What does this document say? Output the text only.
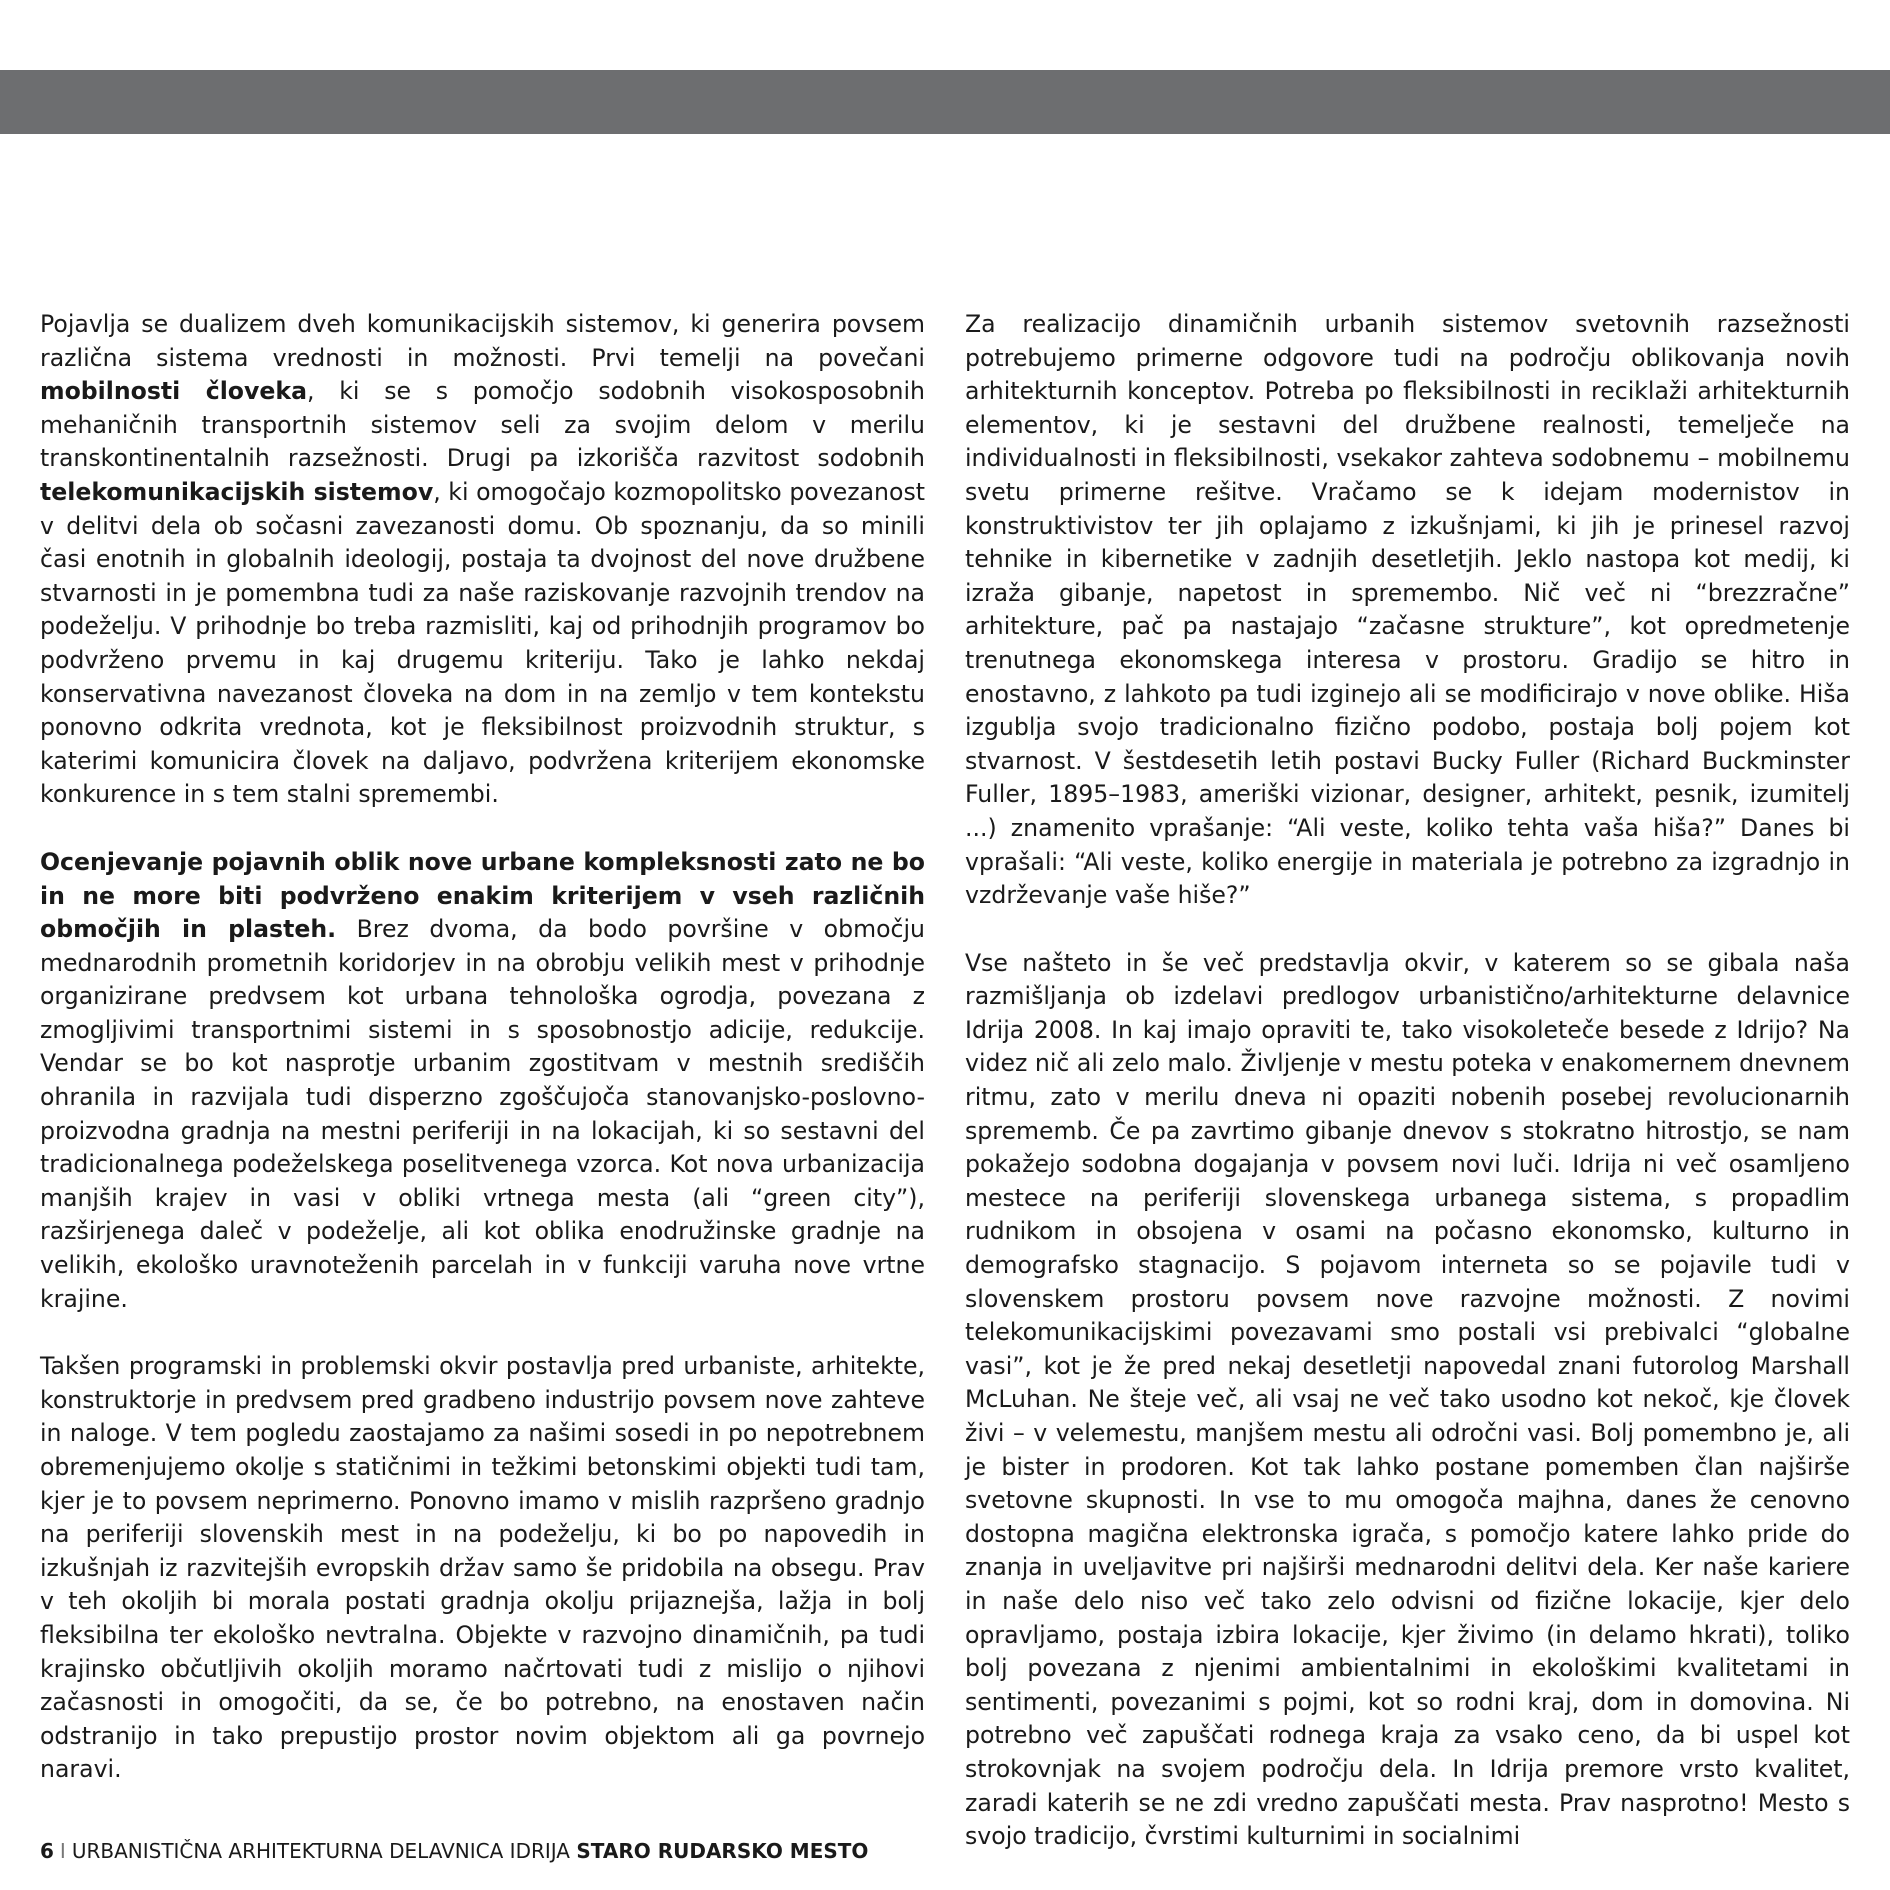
Pojavlja se dualizem dveh komunikacijskih sistemov, ki generira povsem različna sistema vrednosti in možnosti. Prvi temelji na povečani mobilnosti človeka, ki se s pomočjo sodobnih visokosposobnih mehaničnih transportnih sistemov seli za svojim delom v merilu transkontinentalnih razsežnosti. Drugi pa izkorišča razvitost sodobnih telekomunikacijskih sistemov, ki omogočajo kozmopolitsko povezanost v delitvi dela ob sočasni zavezanosti domu. Ob spoznanju, da so minili časi enotnih in globalnih ideologij, postaja ta dvojnost del nove družbene stvarnosti in je pomembna tudi za naše raziskovanje razvojnih trendov na podeželju. V prihodnje bo treba razmisliti, kaj od prihodnjih programov bo podvrženo prvemu in kaj drugemu kriteriju. Tako je lahko nekdaj konservativna navezanost človeka na dom in na zemljo v tem kontekstu ponovno odkrita vrednota, kot je fleksibilnost proizvodnih struktur, s katerimi komunicira človek na daljavo, podvržena kriterijem ekonomske konkurence in s tem stalni spremembi.

Ocenjevanje pojavnih oblik nove urbane kompleksnosti zato ne bo in ne more biti podvrženo enakim kriterijem v vseh različnih območjih in plasteh. Brez dvoma, da bodo površine v območju mednarodnih prometnih koridorjev in na obrobju velikih mest v prihodnje organizirane predvsem kot urbana tehnološka ogrodja, povezana z zmogljivimi transportnimi sistemi in s sposobnostjo adicije, redukcije. Vendar se bo kot nasprotje urbanim zgostitvam v mestnih središčih ohranila in razvijala tudi disperzno zgoščujoča stanovanjsko-poslovno-proizvodna gradnja na mestni periferiji in na lokacijah, ki so sestavni del tradicionalnega podeželskega poselitvenega vzorca. Kot nova urbanizacija manjših krajev in vasi v obliki vrtnega mesta (ali “green city”), razširjenega daleč v podeželje, ali kot oblika enodružinske gradnje na velikih, ekološko uravnoteženih parcelah in v funkciji varuha nove vrtne krajine.

Takšen programski in problemski okvir postavlja pred urbaniste, arhitekte, konstruktorje in predvsem pred gradbeno industrijo povsem nove zahteve in naloge. V tem pogledu zaostajamo za našimi sosedi in po nepotrebnem obremenjujemo okolje s statičnimi in težkimi betonskimi objekti tudi tam, kjer je to povsem neprimerno. Ponovno imamo v mislih razpršeno gradnjo na periferiji slovenskih mest in na podeželju, ki bo po napovedih in izkušnjah iz razvitejših evropskih držav samo še pridobila na obsegu. Prav v teh okoljih bi morala postati gradnja okolju prijaznejša, lažja in bolj fleksibilna ter ekološko nevtralna. Objekte v razvojno dinamičnih, pa tudi krajinsko občutljivih okoljih moramo načrtovati tudi z mislijo o njihovi začasnosti in omogočiti, da se, če bo potrebno, na enostaven način odstranijo in tako prepustijo prostor novim objektom ali ga povrnejo naravi.

Za realizacijo dinamičnih urbanih sistemov svetovnih razsežnosti potrebujemo primerne odgovore tudi na področju oblikovanja novih arhitekturnih konceptov. Potreba po fleksibilnosti in reciklaži arhitekturnih elementov, ki je sestavni del družbene realnosti, temelječe na individualnosti in fleksibilnosti, vsekakor zahteva sodobnemu – mobilnemu svetu primerne rešitve. Vračamo se k idejam modernistov in konstruktivistov ter jih oplajamo z izkušnjami, ki jih je prinesel razvoj tehnike in kibernetike v zadnjih desetletjih. Jeklo nastopa kot medij, ki izraža gibanje, napetost in spremembo. Nič več ni “brezzračne” arhitekture, pač pa nastajajo “začasne strukture”, kot opredmetenje trenutnega ekonomskega interesa v prostoru. Gradijo se hitro in enostavno, z lahkoto pa tudi izginejo ali se modificirajo v nove oblike. Hiša izgublja svojo tradicionalno fizično podobo, postaja bolj pojem kot stvarnost. V šestdesetih letih postavi Bucky Fuller (Richard Buckminster Fuller, 1895–1983, ameriški vizionar, designer, arhitekt, pesnik, izumitelj ...) znamenito vprašanje: “Ali veste, koliko tehta vaša hiša?” Danes bi vprašali: “Ali veste, koliko energije in materiala je potrebno za izgradnjo in vzdrževanje vaše hiše?”

Vse našteto in še več predstavlja okvir, v katerem so se gibala naša razmišljanja ob izdelavi predlogov urbanistično/arhitekturne delavnice Idrija 2008. In kaj imajo opraviti te, tako visokoleteče besede z Idrijo? Na videz nič ali zelo malo. Življenje v mestu poteka v enakomernem dnevnem ritmu, zato v merilu dneva ni opaziti nobenih posebej revolucionarnih sprememb. Če pa zavrtimo gibanje dnevov s stokratno hitrostjo, se nam pokažejo sodobna dogajanja v povsem novi luči. Idrija ni več osamljeno mestece na periferiji slovenskega urbanega sistema, s propadlim rudnikom in obsojena v osami na počasno ekonomsko, kulturno in demografsko stagnacijo. S pojavom interneta so se pojavile tudi v slovenskem prostoru povsem nove razvojne možnosti. Z novimi telekomunikacijskimi povezavami smo postali vsi prebivalci “globalne vasi”, kot je že pred nekaj desetletji napovedal znani futorolog Marshall McLuhan. Ne šteje več, ali vsaj ne več tako usodno kot nekoč, kje človek živi – v velemestu, manjšem mestu ali odročni vasi. Bolj pomembno je, ali je bister in prodoren. Kot tak lahko postane pomemben član najširše svetovne skupnosti. In vse to mu omogoča majhna, danes že cenovno dostopna magična elektronska igrača, s pomočjo katere lahko pride do znanja in uveljavitve pri najširši mednarodni delitvi dela. Ker naše kariere in naše delo niso več tako zelo odvisni od fizične lokacije, kjer delo opravljamo, postaja izbira lokacije, kjer živimo (in delamo hkrati), toliko bolj povezana z njenimi ambientalnimi in ekološkimi kvalitetami in sentimenti, povezanimi s pojmi, kot so rodni kraj, dom in domovina. Ni potrebno več zapuščati rodnega kraja za vsako ceno, da bi uspel kot strokovnjak na svojem področju dela. In Idrija premore vrsto kvalitet, zaradi katerih se ne zdi vredno zapuščati mesta. Prav nasprotno! Mesto s svojo tradicijo, čvrstimi kulturnimi in socialnimi

6 I URBANISTIČNA ARHITEKTURNA DELAVNICA IDRIJA STARO RUDARSKO MESTO
